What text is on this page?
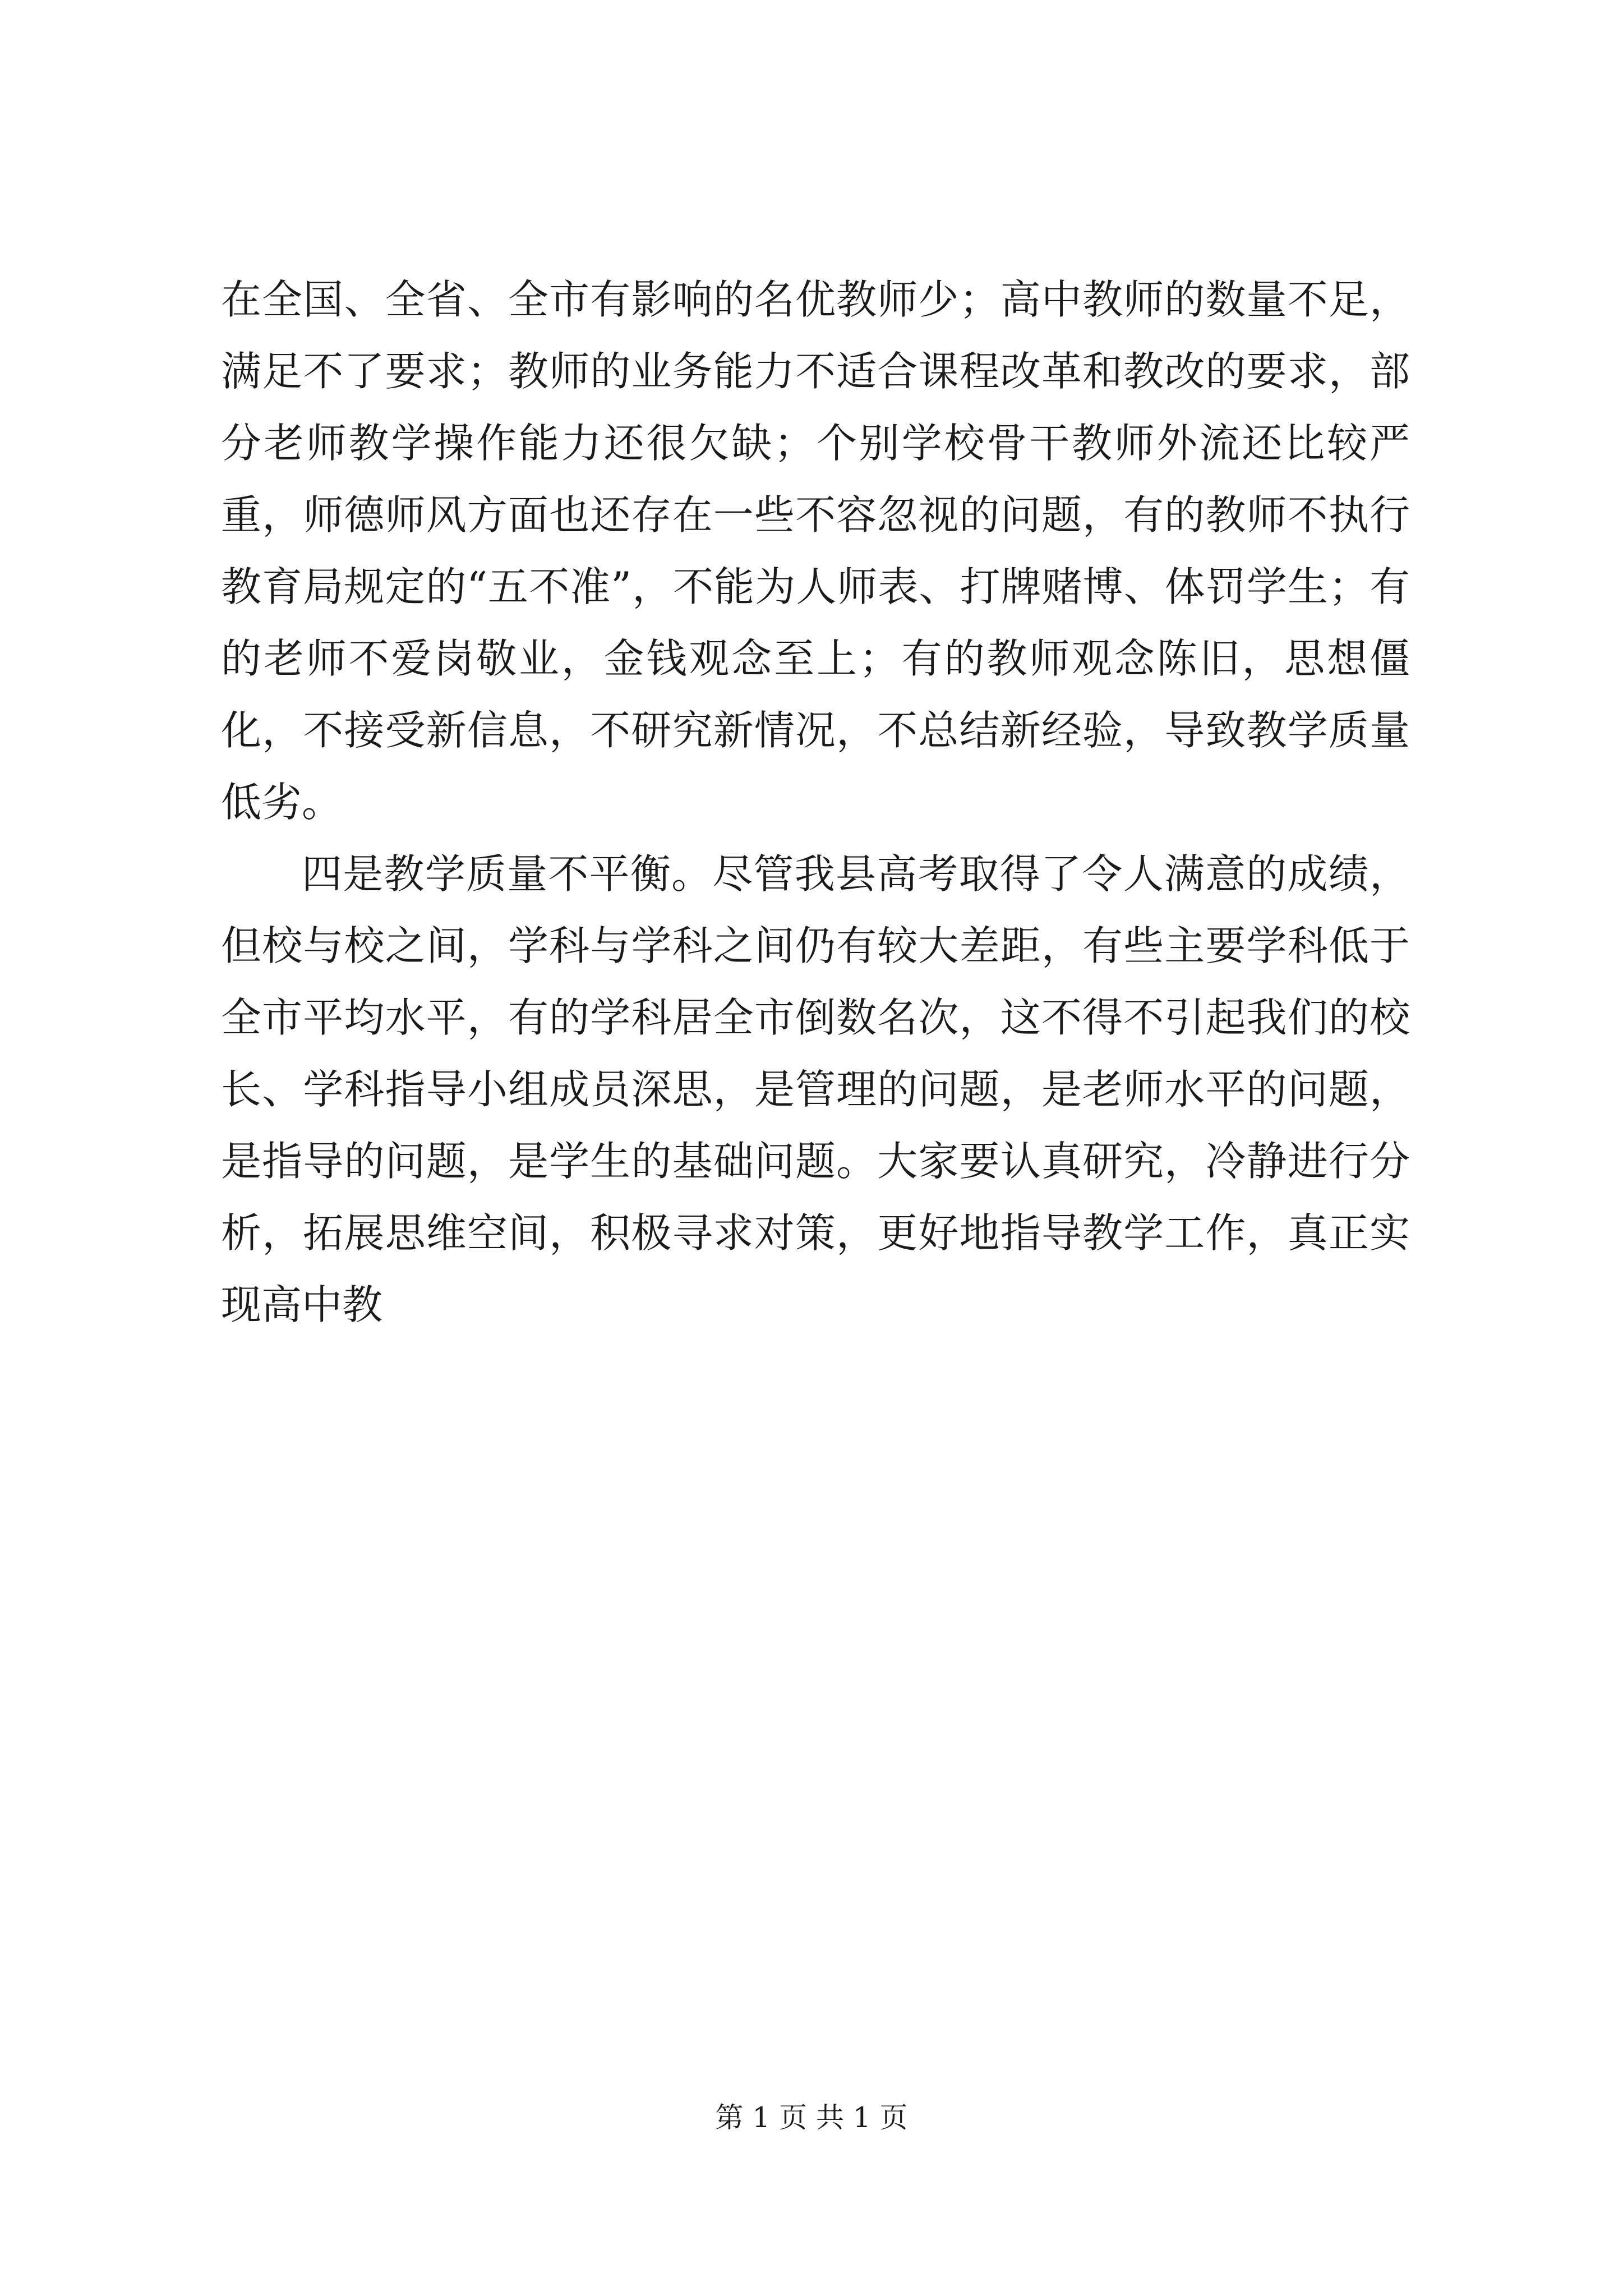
在全国、全省、全市有影响的名优教师少；高中教师的数量不足，满足不了要求；教师的业务能力不适合课程改革和教改的要求，部分老师教学操作能力还很欠缺；个别学校骨干教师外流还比较严重，师德师风方面也还存在一些不容忽视的问题，有的教师不执行教育局规定的“五不准”，不能为人师表、打牌赌博、体罚学生；有的老师不爱岗敬业，金钱观念至上；有的教师观念陈旧，思想僵化，不接受新信息，不研究新情况，不总结新经验，导致教学质量低劣。

四是教学质量不平衡。尽管我县高考取得了令人满意的成绩，但校与校之间，学科与学科之间仍有较大差距，有些主要学科低于全市平均水平，有的学科居全市倒数名次，这不得不引起我们的校长、学科指导小组成员深思，是管理的问题，是老师水平的问题，是指导的问题，是学生的基础问题。大家要认真研究，冷静进行分析，拓展思维空间，积极寻求对策，更好地指导教学工作，真正实现高中教

第 1 页 共 1 页
